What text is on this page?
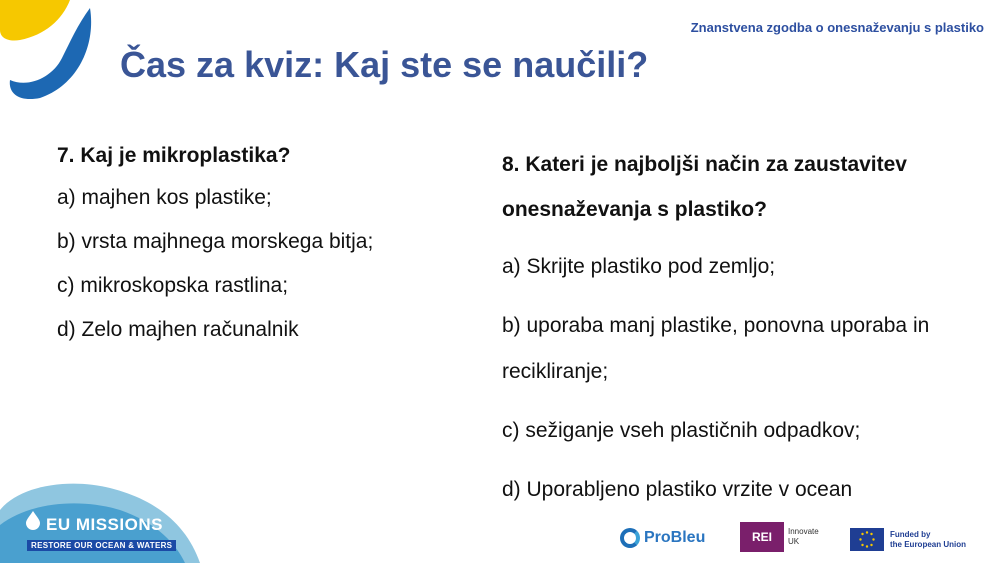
Znanstvena zgodba o onesnaževanju s plastiko
Čas za kviz: Kaj ste se naučili?
7. Kaj je mikroplastika?
a) majhen kos plastike;
b) vrsta majhnega morskega bitja;
c) mikroskopska rastlina;
d) Zelo majhen računalnik
8. Kateri je najboljši način za zaustavitev onesnaževanja s plastiko?
a) Skrijte plastiko pod zemljo;
b) uporaba manj plastike, ponovna uporaba in recikliranje;
c) sežiganje vseh plastičnih odpadkov;
d) Uporabljeno plastiko vrzite v ocean
EU MISSIONS
RESTORE OUR OCEAN & WATERS	ProBleu	REI	Innovate
UK
Funded by
the European Union
